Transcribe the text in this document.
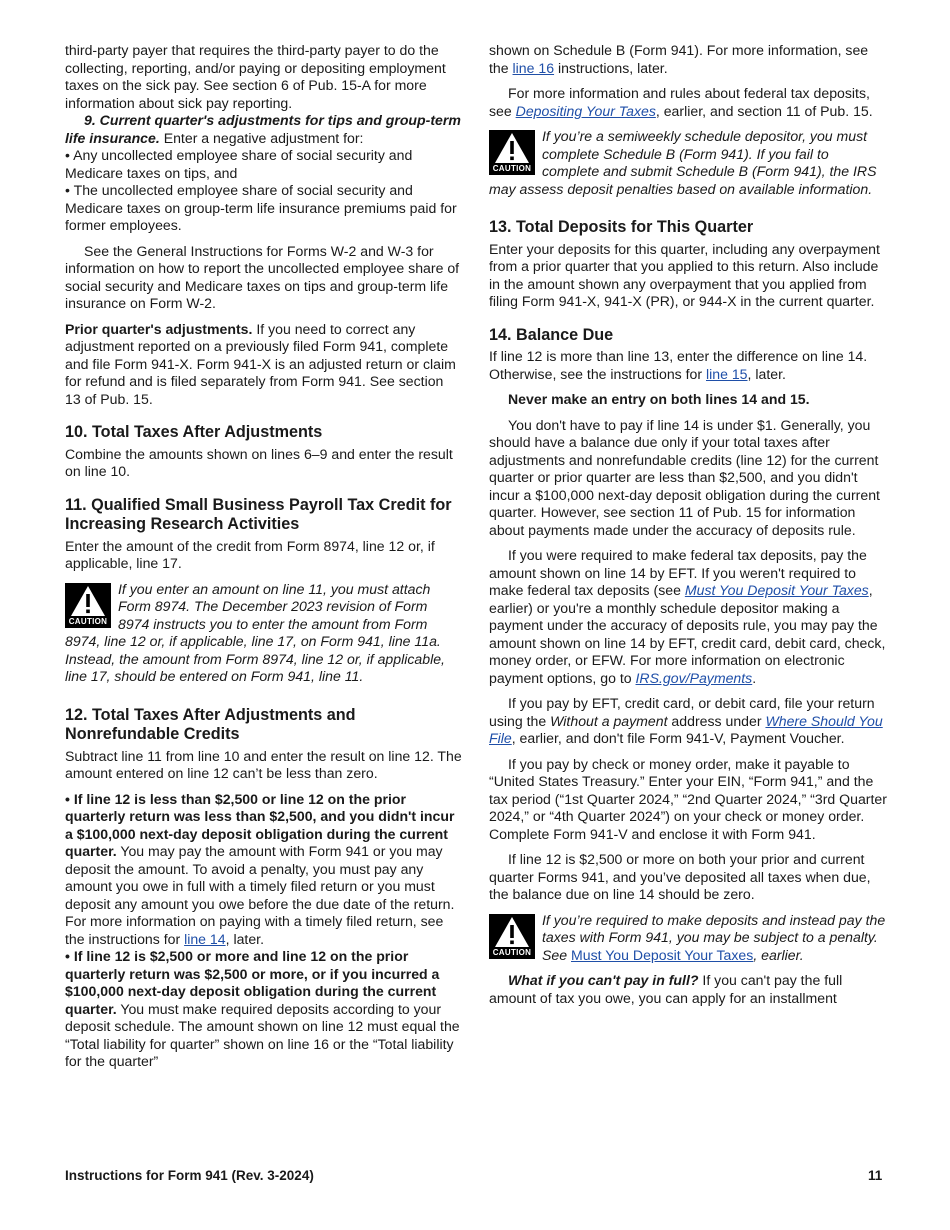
third-party payer that requires the third-party payer to do the collecting, reporting, and/or paying or depositing employment taxes on the sick pay. See section 6 of Pub. 15-A for more information about sick pay reporting.

9. Current quarter's adjustments for tips and group-term life insurance. Enter a negative adjustment for:

• Any uncollected employee share of social security and Medicare taxes on tips, and

• The uncollected employee share of social security and Medicare taxes on group-term life insurance premiums paid for former employees.

See the General Instructions for Forms W-2 and W-3 for information on how to report the uncollected employee share of social security and Medicare taxes on tips and group-term life insurance on Form W-2.

Prior quarter's adjustments. If you need to correct any adjustment reported on a previously filed Form 941, complete and file Form 941-X. Form 941-X is an adjusted return or claim for refund and is filed separately from Form 941. See section 13 of Pub. 15.

10. Total Taxes After Adjustments

Combine the amounts shown on lines 6–9 and enter the result on line 10.

11. Qualified Small Business Payroll Tax Credit for Increasing Research Activities

Enter the amount of the credit from Form 8974, line 12 or, if applicable, line 17.

CAUTION
If you enter an amount on line 11, you must attach Form 8974. The December 2023 revision of Form 8974 instructs you to enter the amount from Form 8974, line 12 or, if applicable, line 17, on Form 941, line 11a. Instead, the amount from Form 8974, line 12 or, if applicable, line 17, should be entered on Form 941, line 11.
12. Total Taxes After Adjustments and Nonrefundable Credits

Subtract line 11 from line 10 and enter the result on line 12. The amount entered on line 12 can’t be less than zero.

• If line 12 is less than $2,500 or line 12 on the prior quarterly return was less than $2,500, and you didn't incur a $100,000 next-day deposit obligation during the current quarter. You may pay the amount with Form 941 or you may deposit the amount. To avoid a penalty, you must pay any amount you owe in full with a timely filed return or you must deposit any amount you owe before the due date of the return. For more information on paying with a timely filed return, see the instructions for line 14, later.

• If line 12 is $2,500 or more and line 12 on the prior quarterly return was $2,500 or more, or if you incurred a $100,000 next-day deposit obligation during the current quarter. You must make required deposits according to your deposit schedule. The amount shown on line 12 must equal the “Total liability for quarter” shown on line 16 or the “Total liability for the quarter”

shown on Schedule B (Form 941). For more information, see the line 16 instructions, later.

For more information and rules about federal tax deposits, see Depositing Your Taxes, earlier, and section 11 of Pub. 15.

CAUTION
If you’re a semiweekly schedule depositor, you must complete Schedule B (Form 941). If you fail to complete and submit Schedule B (Form 941), the IRS may assess deposit penalties based on available information.
13. Total Deposits for This Quarter

Enter your deposits for this quarter, including any overpayment from a prior quarter that you applied to this return. Also include in the amount shown any overpayment that you applied from filing Form 941-X, 941-X (PR), or 944-X in the current quarter.

14. Balance Due

If line 12 is more than line 13, enter the difference on line 14. Otherwise, see the instructions for line 15, later.

Never make an entry on both lines 14 and 15.

You don't have to pay if line 14 is under $1. Generally, you should have a balance due only if your total taxes after adjustments and nonrefundable credits (line 12) for the current quarter or prior quarter are less than $2,500, and you didn't incur a $100,000 next-day deposit obligation during the current quarter. However, see section 11 of Pub. 15 for information about payments made under the accuracy of deposits rule.

If you were required to make federal tax deposits, pay the amount shown on line 14 by EFT. If you weren't required to make federal tax deposits (see Must You Deposit Your Taxes, earlier) or you're a monthly schedule depositor making a payment under the accuracy of deposits rule, you may pay the amount shown on line 14 by EFT, credit card, debit card, check, money order, or EFW. For more information on electronic payment options, go to IRS.gov/Payments.

If you pay by EFT, credit card, or debit card, file your return using the Without a payment address under Where Should You File, earlier, and don't file Form 941-V, Payment Voucher.

If you pay by check or money order, make it payable to “United States Treasury.” Enter your EIN, “Form 941,” and the tax period (“1st Quarter 2024,” “2nd Quarter 2024,” “3rd Quarter 2024,” or “4th Quarter 2024”) on your check or money order. Complete Form 941-V and enclose it with Form 941.

If line 12 is $2,500 or more on both your prior and current quarter Forms 941, and you’ve deposited all taxes when due, the balance due on line 14 should be zero.

CAUTION
If you’re required to make deposits and instead pay the taxes with Form 941, you may be subject to a penalty. See Must You Deposit Your Taxes, earlier.

What if you can't pay in full? If you can't pay the full amount of tax you owe, you can apply for an installment

Instructions for Form 941 (Rev. 3-2024)	11
